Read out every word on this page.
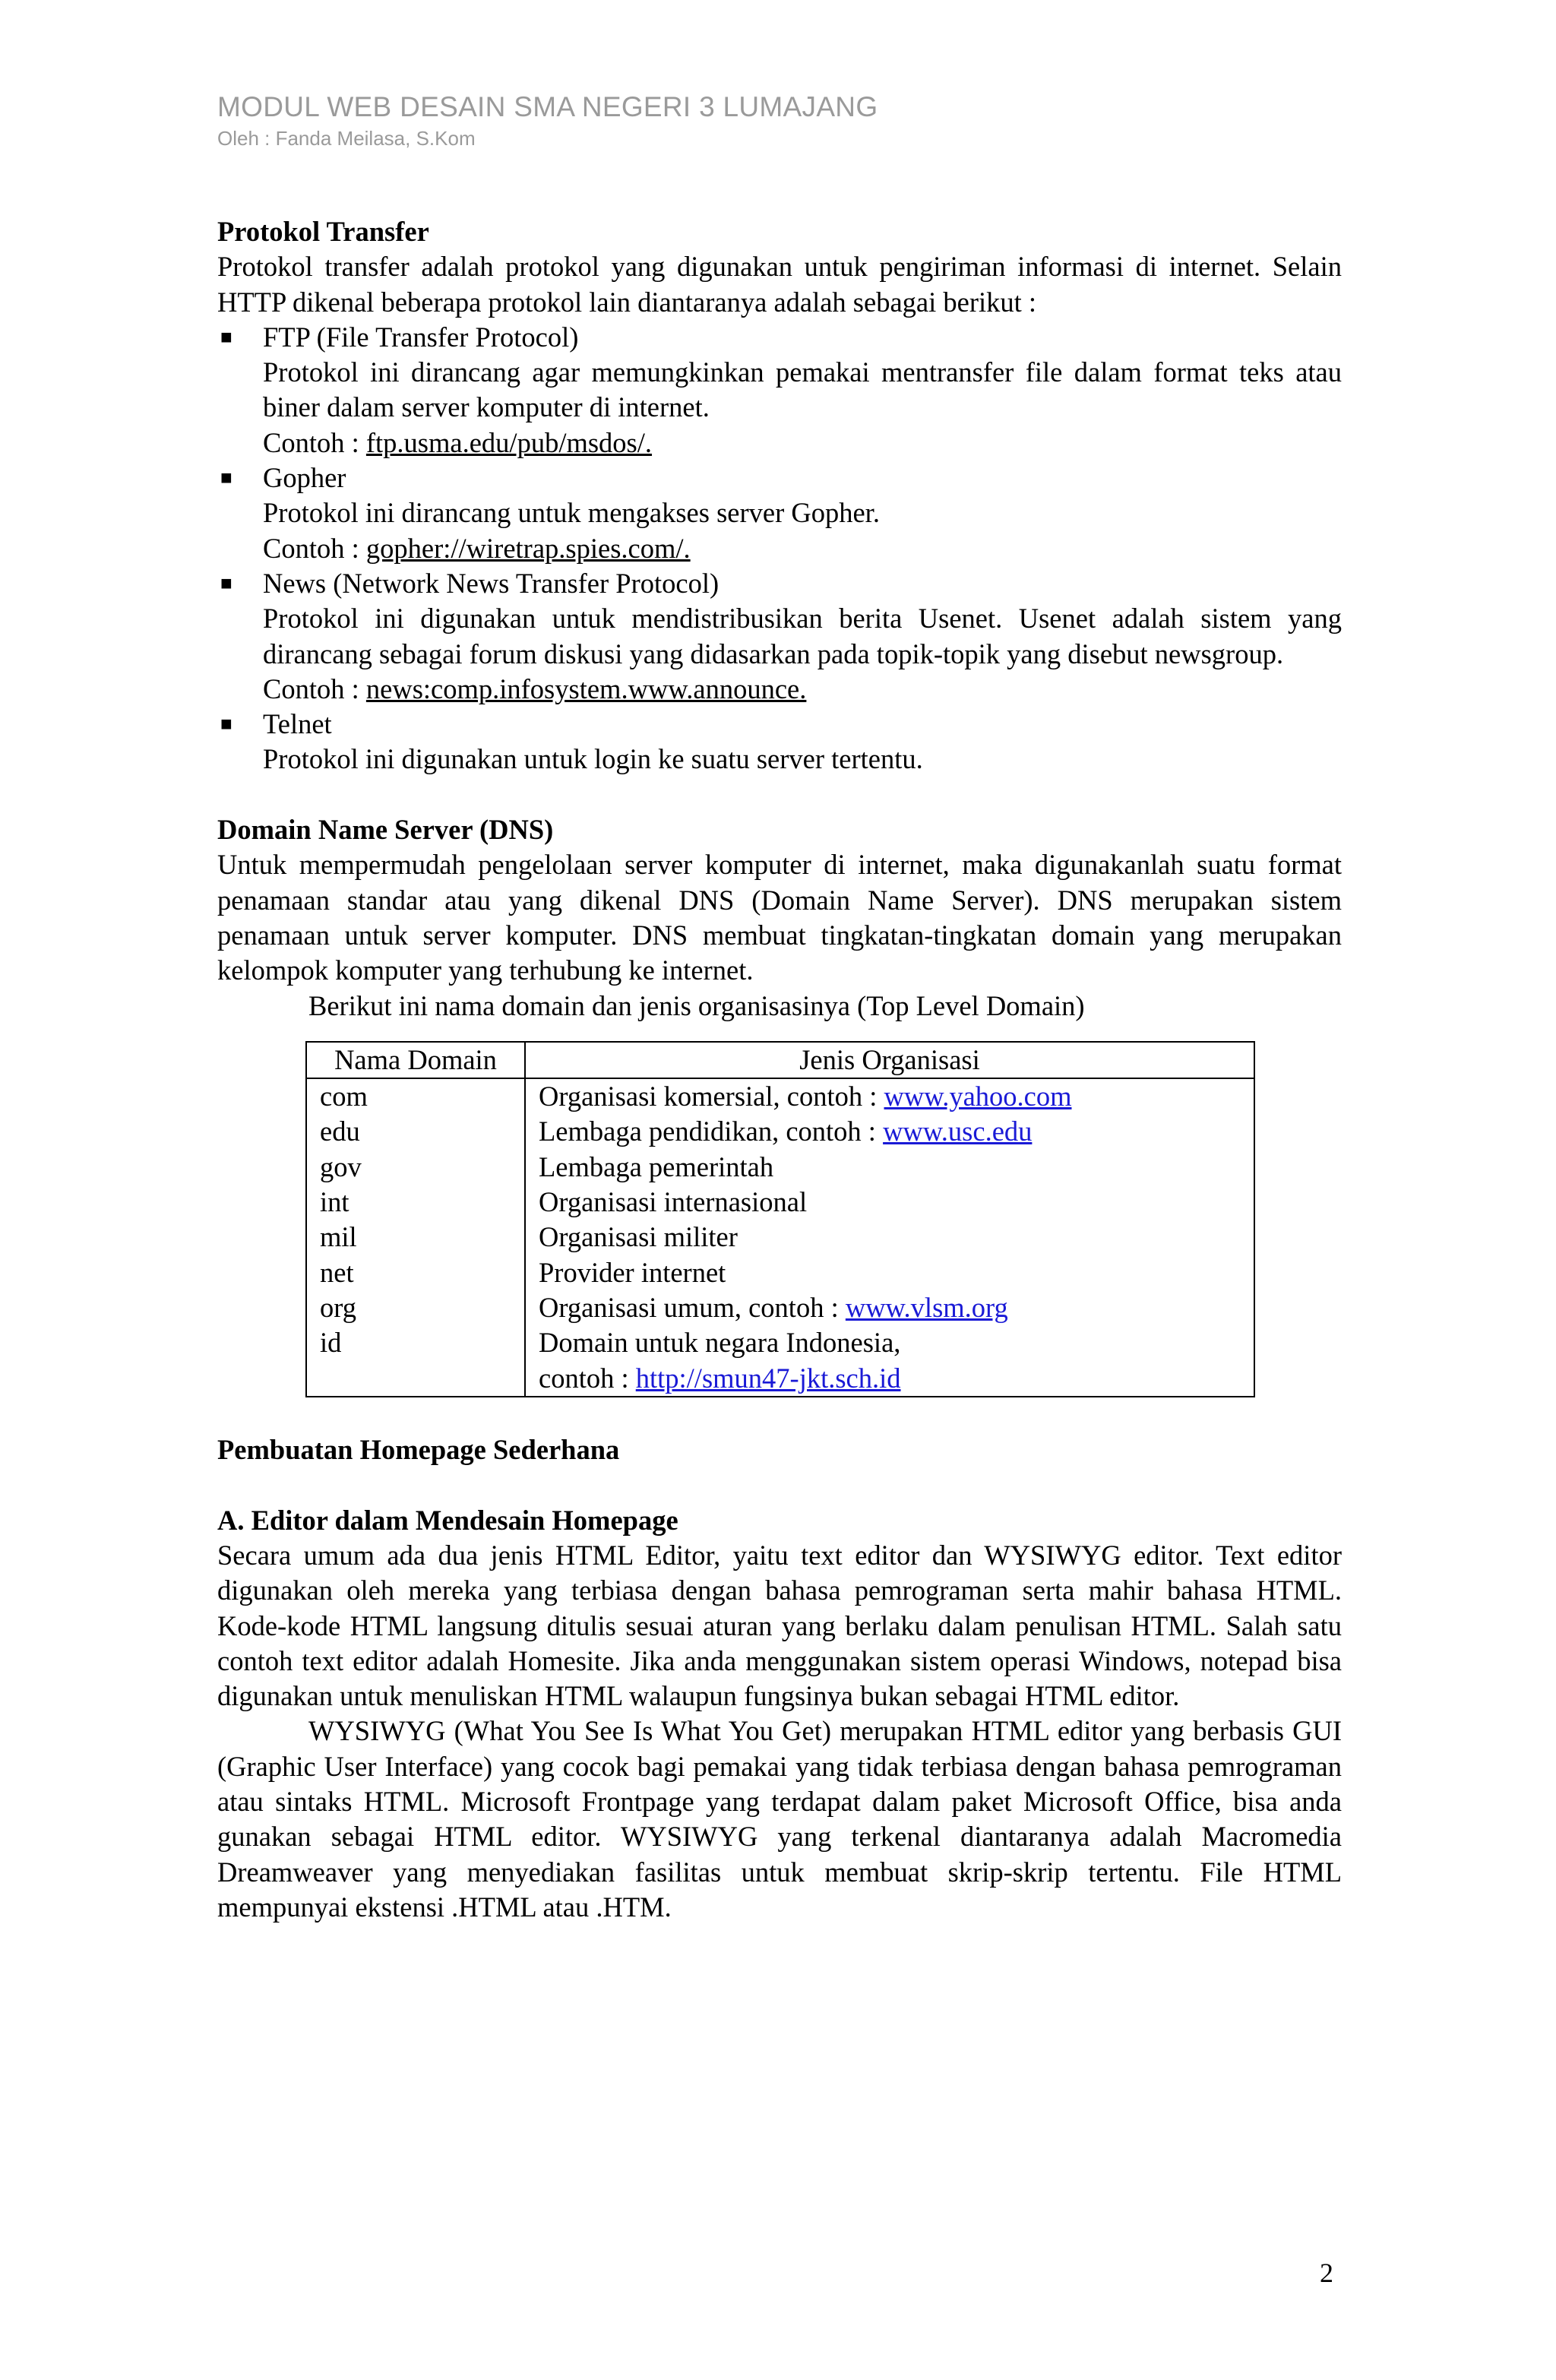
MODUL WEB DESAIN SMA NEGERI 3 LUMAJANG
Oleh : Fanda Meilasa, S.Kom
Protokol Transfer
Protokol transfer adalah protokol yang digunakan untuk pengiriman informasi di internet. Selain HTTP dikenal beberapa protokol lain diantaranya adalah sebagai berikut :
■ FTP (File Transfer Protocol)
Protokol ini dirancang agar memungkinkan pemakai mentransfer file dalam format teks atau biner dalam server komputer di internet.
Contoh : ftp.usma.edu/pub/msdos/.
■ Gopher
Protokol ini dirancang untuk mengakses server Gopher.
Contoh : gopher://wiretrap.spies.com/.
■ News (Network News Transfer Protocol)
Protokol ini digunakan untuk mendistribusikan berita Usenet. Usenet adalah sistem yang dirancang sebagai forum diskusi yang didasarkan pada topik-topik yang disebut newsgroup.
Contoh : news:comp.infosystem.www.announce.
■ Telnet
Protokol ini digunakan untuk login ke suatu server tertentu.
Domain Name Server (DNS)
Untuk mempermudah pengelolaan server komputer di internet, maka digunakanlah suatu format penamaan standar atau yang dikenal DNS (Domain Name Server). DNS merupakan sistem penamaan untuk server komputer. DNS membuat tingkatan-tingkatan domain yang merupakan kelompok komputer yang terhubung ke internet.
Berikut ini nama domain dan jenis organisasinya (Top Level Domain)
Nama Domain	Jenis Organisasi
com	Organisasi komersial, contoh : www.yahoo.com
edu	Lembaga pendidikan, contoh : www.usc.edu
gov	Lembaga pemerintah
int	Organisasi internasional
mil	Organisasi militer
net	Provider internet
org	Organisasi umum, contoh : www.vlsm.org
id	Domain untuk negara Indonesia,
contoh : http://smun47-jkt.sch.id
Pembuatan Homepage Sederhana
A. Editor dalam Mendesain Homepage
Secara umum ada dua jenis HTML Editor, yaitu text editor dan WYSIWYG editor. Text editor digunakan oleh mereka yang terbiasa dengan bahasa pemrograman serta mahir bahasa HTML. Kode-kode HTML langsung ditulis sesuai aturan yang berlaku dalam penulisan HTML. Salah satu contoh text editor adalah Homesite. Jika anda menggunakan sistem operasi Windows, notepad bisa digunakan untuk menuliskan HTML walaupun fungsinya bukan sebagai HTML editor.
WYSIWYG (What You See Is What You Get) merupakan HTML editor yang berbasis GUI (Graphic User Interface) yang cocok bagi pemakai yang tidak terbiasa dengan bahasa pemrograman atau sintaks HTML. Microsoft Frontpage yang terdapat dalam paket Microsoft Office, bisa anda gunakan sebagai HTML editor. WYSIWYG yang terkenal diantaranya adalah Macromedia Dreamweaver yang menyediakan fasilitas untuk membuat skrip-skrip tertentu. File HTML mempunyai ekstensi .HTML atau .HTM.
2
